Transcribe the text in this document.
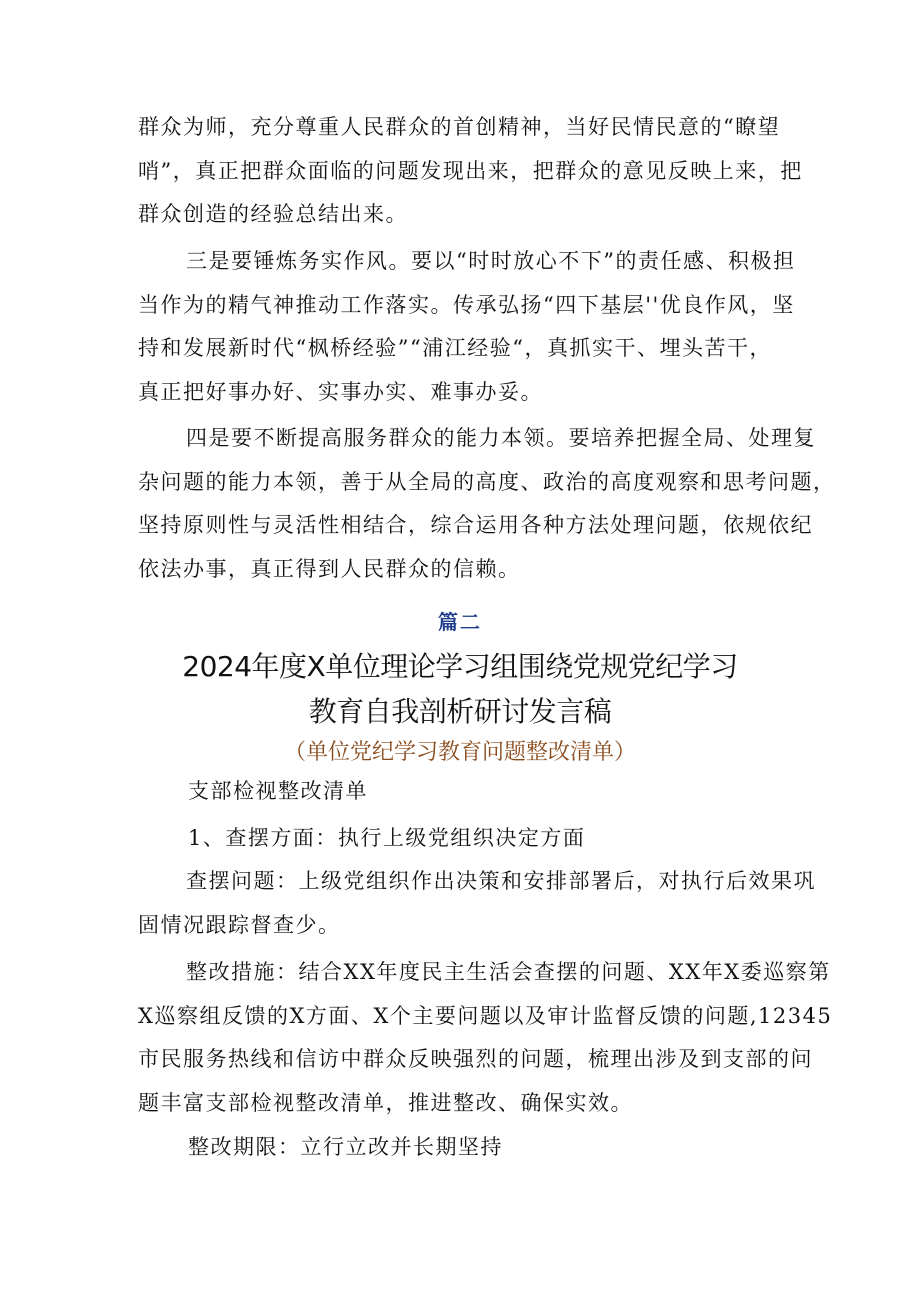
群众为师，充分尊重人民群众的首创精神，当好民情民意的“瞭望
哨”，真正把群众面临的问题发现出来，把群众的意见反映上来，把
群众创造的经验总结出来。
三是要锤炼务实作风。要以“时时放心不下”的责任感、积极担
当作为的精气神推动工作落实。传承弘扬“四下基层''优良作风，坚
持和发展新时代“枫桥经验”“浦江经验“，真抓实干、埋头苦干，
真正把好事办好、实事办实、难事办妥。
四是要不断提高服务群众的能力本领。要培养把握全局、处理复
杂问题的能力本领，善于从全局的高度、政治的高度观察和思考问题，
坚持原则性与灵活性相结合，综合运用各种方法处理问题，依规依纪
依法办事，真正得到人民群众的信赖。
篇二
2024年度X单位理论学习组围绕党规党纪学习
教育自我剖析研讨发言稿
（单位党纪学习教育问题整改清单）
支部检视整改清单
1、查摆方面：执行上级党组织决定方面
查摆问题：上级党组织作出决策和安排部署后，对执行后效果巩
固情况跟踪督查少。
整改措施：结合XX年度民主生活会查摆的问题、XX年X委巡察第
X巡察组反馈的X方面、X个主要问题以及审计监督反馈的问题,12345
市民服务热线和信访中群众反映强烈的问题，梳理出涉及到支部的问
题丰富支部检视整改清单，推进整改、确保实效。
整改期限：立行立改并长期坚持
